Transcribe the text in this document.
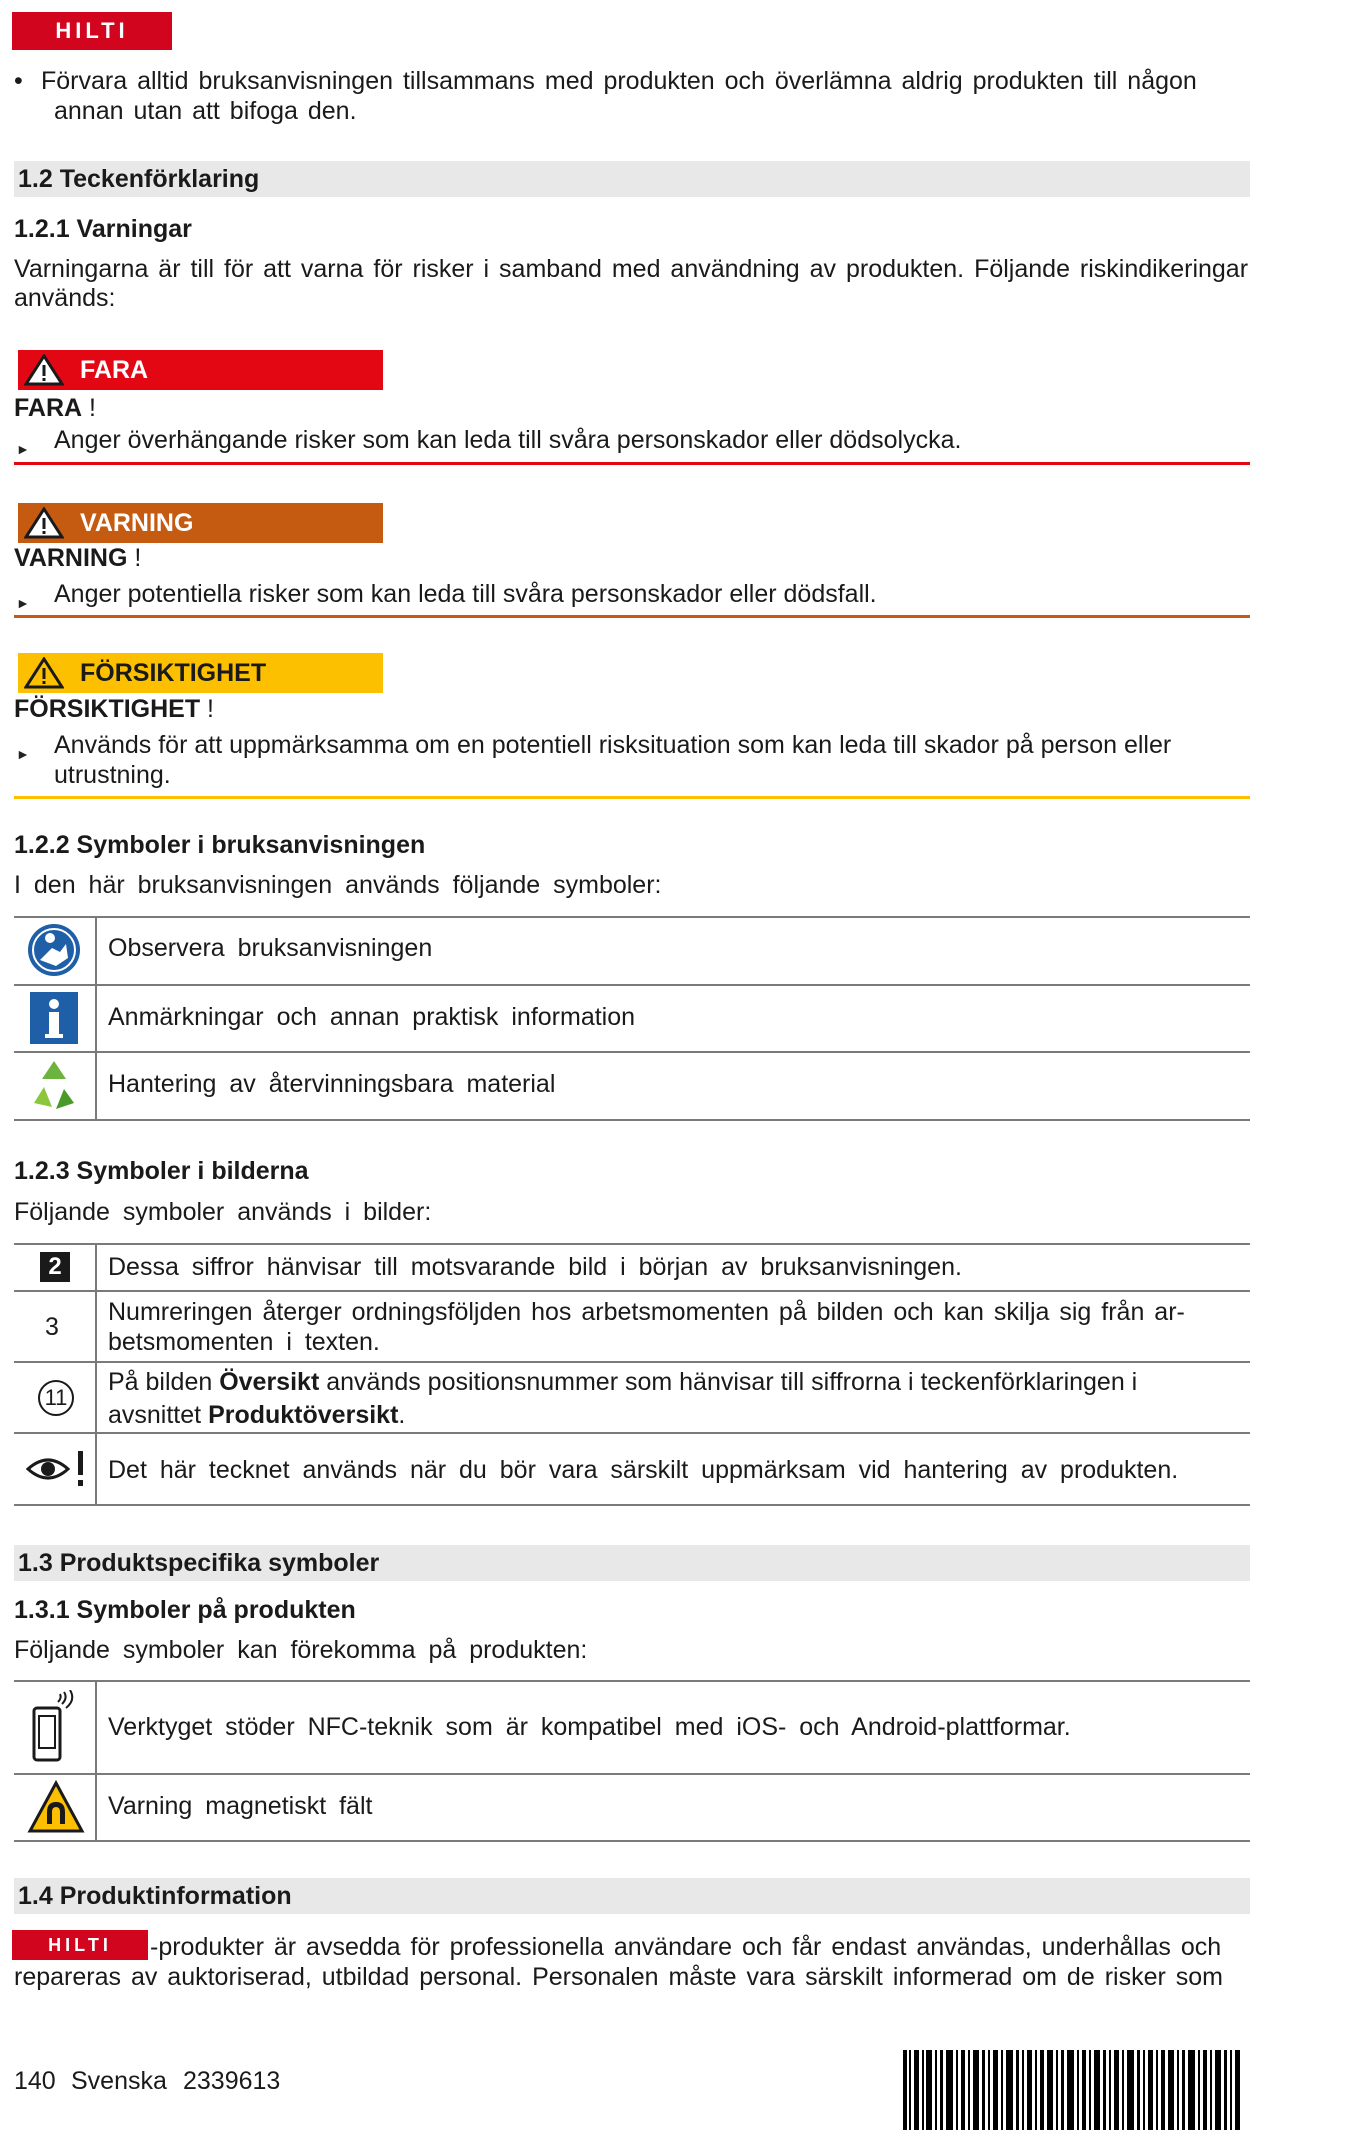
HILTI
• Förvara alltid bruksanvisningen tillsammans med produkten och överlämna aldrig produkten till någon
annan utan att bifoga den.
1.2 Teckenförklaring
1.2.1 Varningar
Varningarna är till för att varna för risker i samband med användning av produkten. Följande riskindikeringar
används:
FARA
FARA !
► Anger överhängande risker som kan leda till svåra personskador eller dödsolycka.
VARNING
VARNING !
► Anger potentiella risker som kan leda till svåra personskador eller dödsfall.
FÖRSIKTIGHET
FÖRSIKTIGHET !
► Används för att uppmärksamma om en potentiell risksituation som kan leda till skador på person eller
utrustning.
1.2.2 Symboler i bruksanvisningen
I den här bruksanvisningen används följande symboler:
Observera bruksanvisningen
Anmärkningar och annan praktisk information
Hantering av återvinningsbara material
1.2.3 Symboler i bilderna
Följande symboler används i bilder:
2	Dessa siffror hänvisar till motsvarande bild i början av bruksanvisningen.
3
Numreringen återger ordningsföljden hos arbetsmomenten på bilden och kan skilja sig från ar-
betsmomenten i texten.
11
På bilden Översikt används positionsnummer som hänvisar till siffrorna i teckenförklaringen i
avsnittet Produktöversikt.
Det här tecknet används när du bör vara särskilt uppmärksam vid hantering av produkten.
1.3 Produktspecifika symboler
1.3.1 Symboler på produkten
Följande symboler kan förekomma på produkten:
Verktyget stöder NFC-teknik som är kompatibel med iOS- och Android-plattformar.
Varning magnetiskt fält
1.4 Produktinformation
HILTI -produkter är avsedda för professionella användare och får endast användas, underhållas och
repareras av auktoriserad, utbildad personal. Personalen måste vara särskilt informerad om de risker som
140 Svenska 2339613
